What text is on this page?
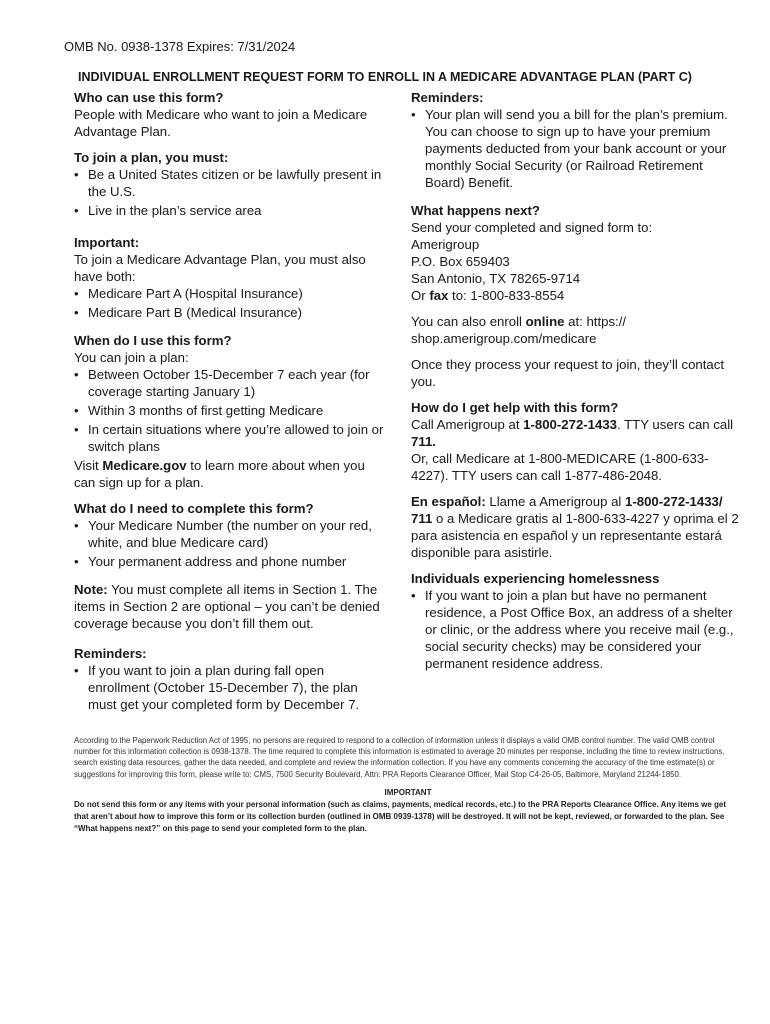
OMB No. 0938-1378 Expires: 7/31/2024
INDIVIDUAL ENROLLMENT REQUEST FORM TO ENROLL IN A MEDICARE ADVANTAGE PLAN (PART C)

Who can use this form?

People with Medicare who want to join a Medicare Advantage Plan.

To join a plan, you must:

• Be a United States citizen or be lawfully present in the U.S.
• Live in the plan’s service area

Important:

To join a Medicare Advantage Plan, you must also have both:

• Medicare Part A (Hospital Insurance)
• Medicare Part B (Medical Insurance)

When do I use this form?

You can join a plan:

• Between October 15-December 7 each year (for coverage starting January 1)
• Within 3 months of first getting Medicare
• In certain situations where you’re allowed to join or switch plans

Visit Medicare.gov to learn more about when you can sign up for a plan.

What do I need to complete this form?

• Your Medicare Number (the number on your red, white, and blue Medicare card)
• Your permanent address and phone number

Note: You must complete all items in Section 1. The items in Section 2 are optional – you can’t be denied coverage because you don’t fill them out.

Reminders:

• If you want to join a plan during fall open enrollment (October 15-December 7), the plan must get your completed form by December 7.

Reminders:

• Your plan will send you a bill for the plan’s premium. You can choose to sign up to have your premium payments deducted from your bank account or your monthly Social Security (or Railroad Retirement Board) Benefit.

What happens next?

Send your completed and signed form to:

Amerigroup

P.O. Box 659403

San Antonio, TX 78265-9714

Or fax to: 1-800-833-8554

You can also enroll online at: https:// shop.amerigroup.com/medicare

Once they process your request to join, they’ll contact you.

How do I get help with this form?

Call Amerigroup at 1-800-272-1433. TTY users can call 711.

Or, call Medicare at 1-800-MEDICARE (1-800-633-4227). TTY users can call 1-877-486-2048.

En español: Llame a Amerigroup al 1-800-272-1433/ 711 o a Medicare gratis al 1-800-633-4227 y oprima el 2 para asistencia en español y un representante estará disponible para asistirle.

Individuals experiencing homelessness

• If you want to join a plan but have no permanent residence, a Post Office Box, an address of a shelter or clinic, or the address where you receive mail (e.g., social security checks) may be considered your permanent residence address.
According to the Paperwork Reduction Act of 1995, no persons are required to respond to a collection of information unless it displays a valid OMB control number. The valid OMB control number for this information collection is 0938-1378. The time required to complete this information is estimated to average 20 minutes per response, including the time to review instructions, search existing data resources, gather the data needed, and complete and review the information collection. If you have any comments concerning the accuracy of the time estimate(s) or suggestions for improving this form, please write to: CMS, 7500 Security Boulevard, Attn: PRA Reports Clearance Officer, Mail Stop C4-26-05, Baltimore, Maryland 21244-1850.
IMPORTANT
Do not send this form or any items with your personal information (such as claims, payments, medical records, etc.) to the PRA Reports Clearance Office. Any items we get that aren’t about how to improve this form or its collection burden (outlined in OMB 0939-1378) will be destroyed. It will not be kept, reviewed, or forwarded to the plan. See “What happens next?” on this page to send your completed form to the plan.
